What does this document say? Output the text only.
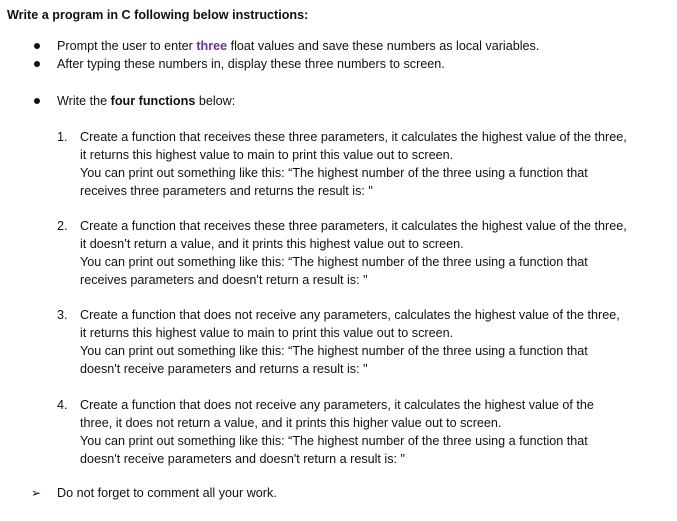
Write a program in C following below instructions:
Prompt the user to enter three float values and save these numbers as local variables.
After typing these numbers in, display these three numbers to screen.
Write the four functions below:
1. Create a function that receives these three parameters, it calculates the highest value of the three,
it returns this highest value to main to print this value out to screen.
You can print out something like this: “The highest number of the three using a function that
receives three parameters and returns the result is: "
2. Create a function that receives these three parameters, it calculates the highest value of the three,
it doesn’t return a value, and it prints this highest value out to screen.
You can print out something like this: “The highest number of the three using a function that
receives parameters and doesn't return a result is: "
3. Create a function that does not receive any parameters, calculates the highest value of the three,
it returns this highest value to main to print this value out to screen.
You can print out something like this: “The highest number of the three using a function that
doesn't receive parameters and returns a result is: "
4. Create a function that does not receive any parameters, it calculates the highest value of the
three, it does not return a value, and it prints this higher value out to screen.
You can print out something like this: “The highest number of the three using a function that
doesn't receive parameters and doesn't return a result is: "
➢ Do not forget to comment all your work.
